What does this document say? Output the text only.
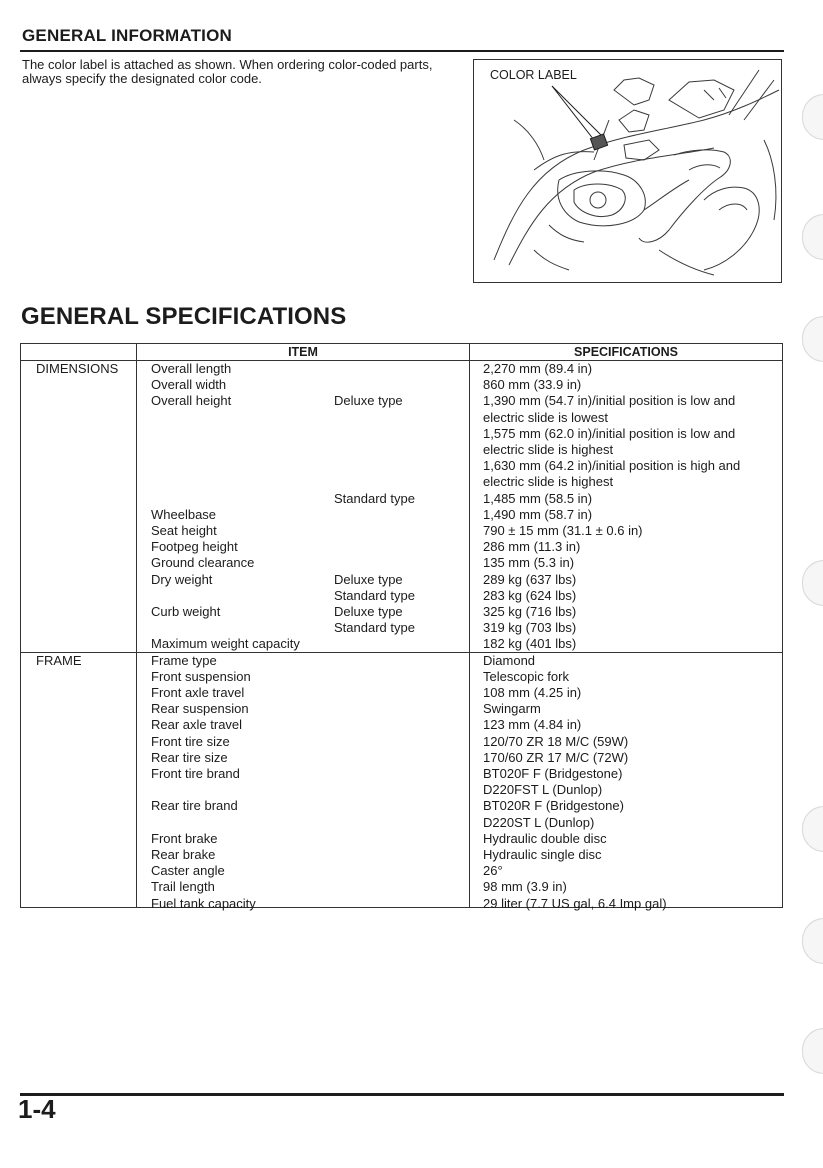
GENERAL INFORMATION
The color label is attached as shown. When ordering color-coded parts,
always specify the designated color code.	COLOR LABEL
GENERAL SPECIFICATIONS
ITEM	SPECIFICATIONS
DIMENSIONS	Overall length	2,270 mm (89.4 in)
Overall width	860 mm (33.9 in)
Overall height	Deluxe type	1,390 mm (54.7 in)/initial position is low and
electric slide is lowest
1,575 mm (62.0 in)/initial position is low and
electric slide is highest
1,630 mm (64.2 in)/initial position is high and
electric slide is highest
Standard type	1,485 mm (58.5 in)
Wheelbase	1,490 mm (58.7 in)
Seat height	790 ± 15 mm (31.1 ± 0.6 in)
Footpeg height	286 mm (11.3 in)
Ground clearance	135 mm (5.3 in)
Dry weight	Deluxe type	289 kg (637 lbs)
Standard type	283 kg (624 lbs)
Curb weight	Deluxe type	325 kg (716 lbs)
Standard type	319 kg (703 lbs)
Maximum weight capacity	182 kg (401 lbs)
FRAME	Frame type	Diamond
Front suspension	Telescopic fork
Front axle travel	108 mm (4.25 in)
Rear suspension	Swingarm
Rear axle travel	123 mm (4.84 in)
Front tire size	120/70 ZR 18 M/C (59W)
Rear tire size	170/60 ZR 17 M/C (72W)
Front tire brand	BT020F F (Bridgestone)
D220FST L (Dunlop)
Rear tire brand	BT020R F (Bridgestone)
D220ST L (Dunlop)
Front brake	Hydraulic double disc
Rear brake	Hydraulic single disc
Caster angle	26°
Trail length	98 mm (3.9 in)
Fuel tank capacity	29 liter (7.7 US gal, 6.4 Imp gal)
1-4
